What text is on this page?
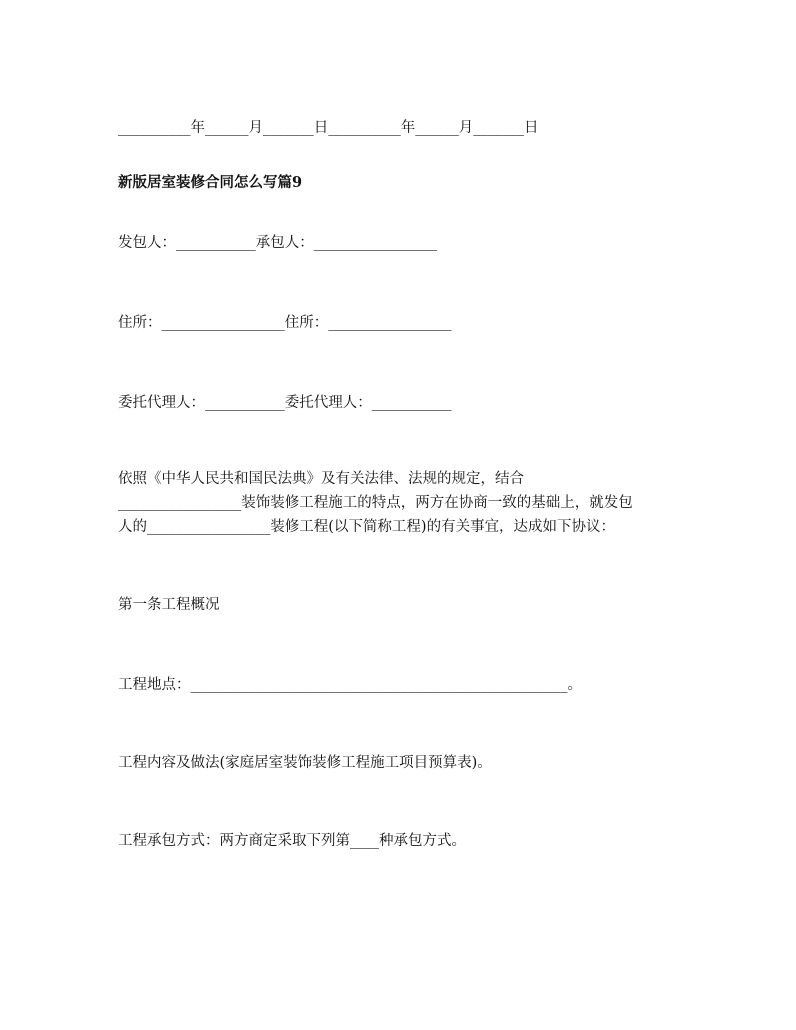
__________年______月_______日__________年______月_______日
新版居室装修合同怎么写篇9
发包人：___________承包人：_________________
住所：_________________住所：_________________
委托代理人：___________委托代理人：___________
依照《中华人民共和国民法典》及有关法律、法规的规定，结合
_________________装饰装修工程施工的特点，两方在协商一致的基础上，就发包
人的_________________装修工程(以下简称工程)的有关事宜，达成如下协议：
第一条工程概况
工程地点：____________________________________________________。
工程内容及做法(家庭居室装饰装修工程施工项目预算表)。
工程承包方式：两方商定采取下列第____种承包方式。
